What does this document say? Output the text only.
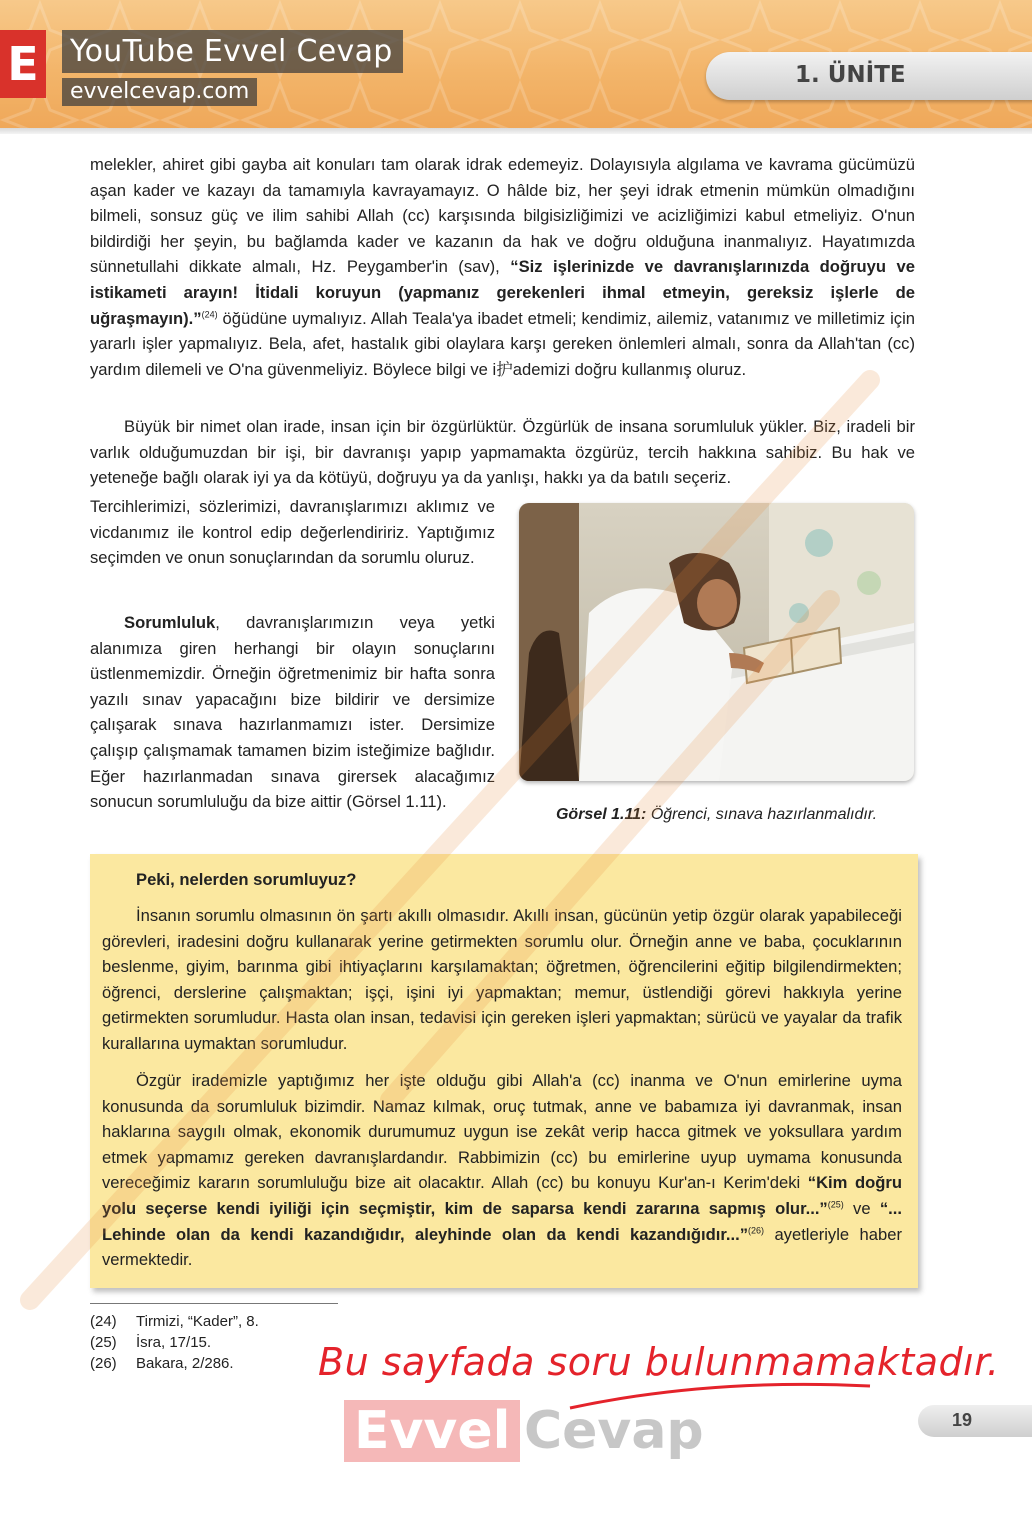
E YouTube Evvel Cevap
evvelcevap.com
1. ÜNİTE

melekler, ahiret gibi gayba ait konuları tam olarak idrak edemeyiz. Dolayısıyla algılama ve kavrama gücümüzü aşan kader ve kazayı da tamamıyla kavrayamayız. O hâlde biz, her şeyi idrak etmenin mümkün olmadığını bilmeli, sonsuz güç ve ilim sahibi Allah (cc) karşısında bilgisizliğimizi ve acizliğimizi kabul etmeliyiz. O'nun bildirdiği her şeyin, bu bağlamda kader ve kazanın da hak ve doğru olduğuna inanmalıyız. Hayatımızda sünnetullahi dikkate almalı, Hz. Peygamber'in (sav), “Siz işlerinizde ve davranışlarınızda doğruyu ve istikameti arayın! İtidali koruyun (yapmanız gerekenleri ihmal etmeyin, gereksiz işlerle de uğraşmayın).”$^{(24)}$ öğüdüne uymalıyız. Allah Teala'ya ibadet etmeli; kendimiz, ailemiz, vatanımız ve milletimiz için yararlı işler yapmalıyız. Bela, afet, hastalık gibi olaylara karşı gereken önlemleri almalı, sonra da Allah'tan (cc) yardım dilemeli ve O'na güvenmeliyiz. Böylece bilgi ve i护ademizi doğru kullanmış oluruz.

Büyük bir nimet olan irade, insan için bir özgürlüktür. Özgürlük de insana sorumluluk yükler. Biz, iradeli bir varlık olduğumuzdan bir işi, bir davranışı yapıp yapmamakta özgürüz, tercih hakkına sahibiz. Bu hak ve yeteneğe bağlı olarak iyi ya da kötüyü, doğruyu ya da yanlışı, hakkı ya da batılı seçeriz.

Tercihlerimizi, sözlerimizi, davranışlarımızı aklımız ve vicdanımız ile kontrol edip değerlendiririz. Yaptığımız seçimden ve onun sonuçlarından da sorumlu oluruz.

Sorumluluk, davranışlarımızın veya yetki alanımıza giren herhangi bir olayın sonuçlarını üstlenmemizdir. Örneğin öğretmenimiz bir hafta sonra yazılı sınav yapacağını bize bildirir ve dersimize çalışarak sınava hazırlanmamızı ister. Dersimize çalışıp çalışmamak tamamen bizim isteğimize bağlıdır. Eğer hazırlanmadan sınava girersek alacağımız sonucun sorumluluğu da bize aittir (Görsel 1.11).

Görsel 1.11: Öğrenci, sınava hazırlanmalıdır.
Peki, nelerden sorumluyuz?

İnsanın sorumlu olmasının ön şartı akıllı olmasıdır. Akıllı insan, gücünün yetip özgür olarak yapabileceği görevleri, iradesini doğru kullanarak yerine getirmekten sorumlu olur. Örneğin anne ve baba, çocuklarının beslenme, giyim, barınma gibi ihtiyaçlarını karşılamaktan; öğretmen, öğrencilerini eğitip bilgilendirmekten; öğrenci, derslerine çalışmaktan; işçi, işini iyi yapmaktan; memur, üstlendiği görevi hakkıyla yerine getirmekten sorumludur. Hasta olan insan, tedavisi için gereken işleri yapmaktan; sürücü ve yayalar da trafik kurallarına uymaktan sorumludur.

Özgür irademizle yaptığımız her işte olduğu gibi Allah'a (cc) inanma ve O'nun emirlerine uyma konusunda da sorumluluk bizimdir. Namaz kılmak, oruç tutmak, anne ve babamıza iyi davranmak, insan haklarına saygılı olmak, ekonomik durumumuz uygun ise zekât verip hacca gitmek ve yoksullara yardım etmek yapmamız gereken davranışlardandır. Rabbimizin (cc) bu emirlerine uyup uymama konusunda vereceğimiz kararın sorumluluğu bize ait olacaktır. Allah (cc) bu konuyu Kur'an-ı Kerim'deki “Kim doğru yolu seçerse kendi iyiliği için seçmiştir, kim de saparsa kendi zararına sapmış olur...”$^{(25)}$ ve “... Lehinde olan da kendi kazandığıdır, aleyhinde olan da kendi kazandığıdır...”$^{(26)}$ ayetleriyle haber vermektedir.

(24) Tirmizi, “Kader”, 8.
(25) İsra, 17/15.
(26) Bakara, 2/286. Bu sayfada soru bulunmamaktadır.
Evvel Cevap	19
